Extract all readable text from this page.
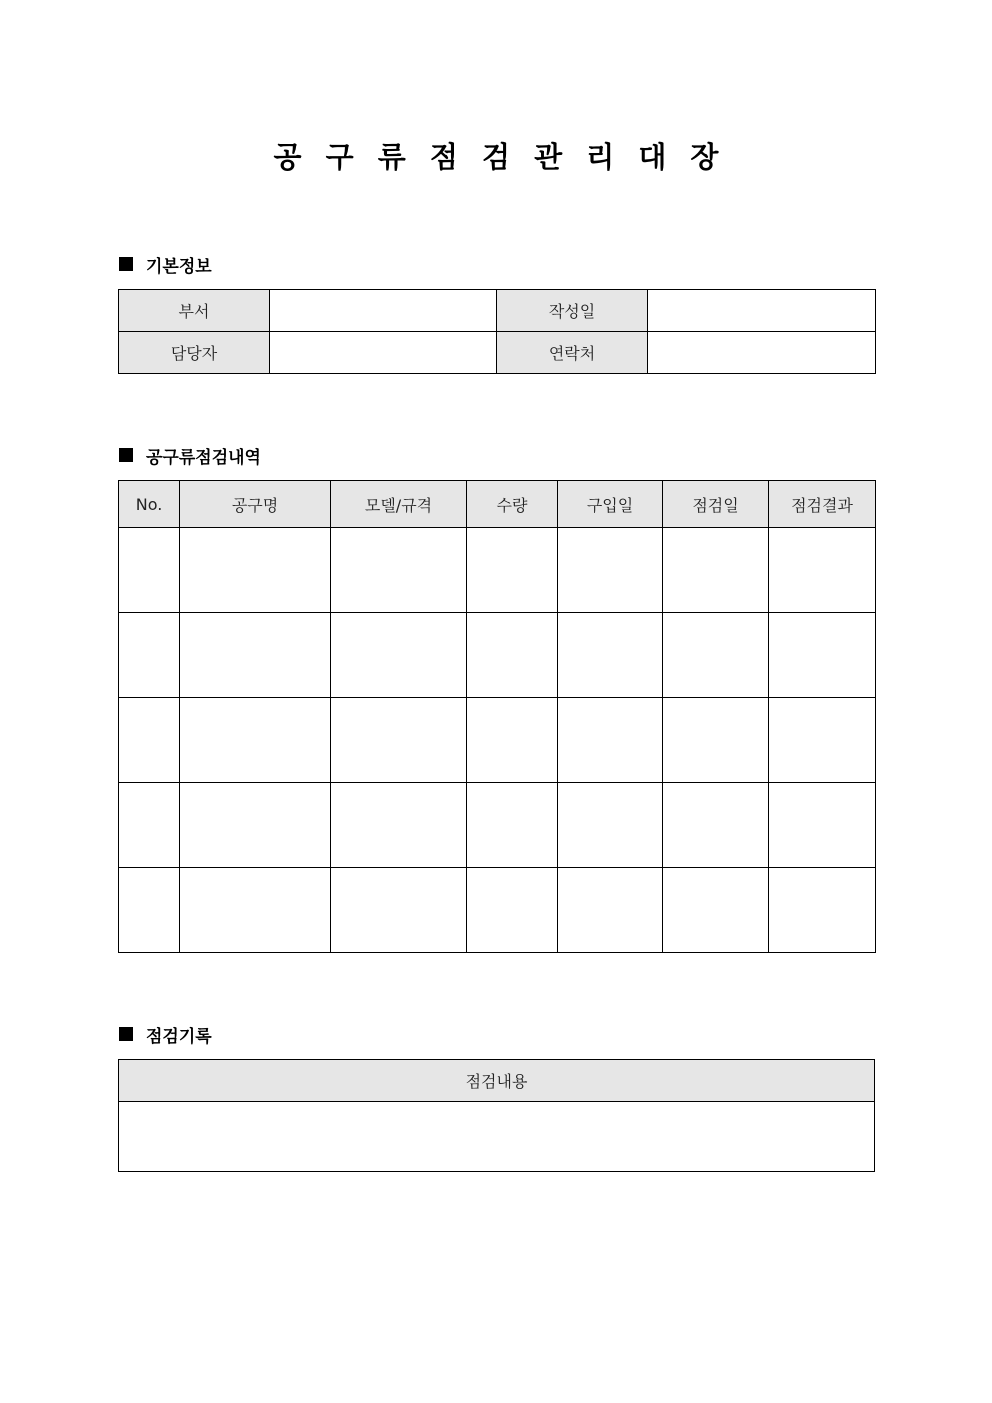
공 구 류 점 검 관 리 대 장
기본정보
부서		작성일	
담당자		연락처	
공구류점검내역
No.	공구명	모델/규격	수량	구입일	점검일	점검결과

점검기록
점검내용
